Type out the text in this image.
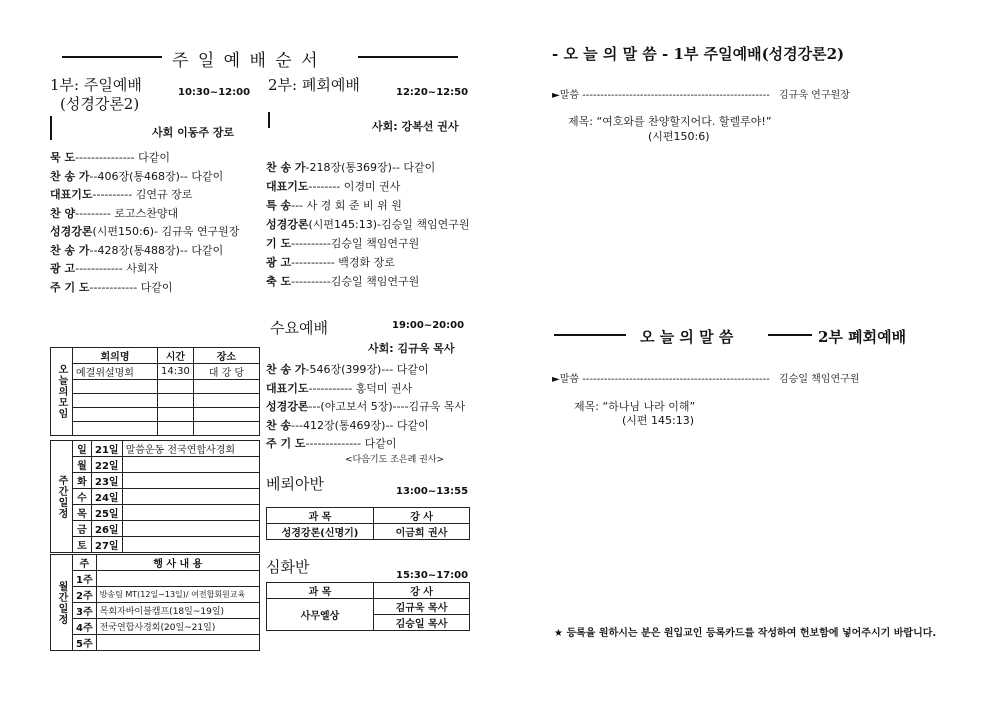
주 일 예 배 순 서
1부: 주일예배
(성경강론2)
10:30~12:00
사회 이동주 장로
묵 도--------------- 다같이
찬 송 가--406장(통468장)-- 다같이
대표기도---------- 김연규 장로
찬 양--------- 로고스찬양대
성경강론(시편150:6)- 김규욱 연구원장
찬 송 가--428장(통488장)-- 다같이
광 고------------ 사회자
주 기 도------------ 다같이
2부: 폐회예배	12:20~12:50
사회: 강복선 권사
찬 송 가-218장(통369장)-- 다같이
대표기도-------- 이경미 권사
특 송--- 사 경 회 준 비 위 원
성경강론(시편145:13)-김승일 책임연구원
기 도----------김승일 책임연구원
광 고----------- 백경화 장로
축 도----------김승일 책임연구원
수요예배	19:00~20:00
사회: 김규욱 목사
찬 송 가-546장(399장)--- 다같이
대표기도----------- 홍덕미 권사
성경강론---(야고보서 5장)----김규욱 목사
찬 송---412장(통469장)-- 다같이
주 기 도-------------- 다같이
<다음기도 조은례 권사>
베뢰아반	13:00~13:55
과 목	강 사
성경강론(신명기)	이금희 권사
심화반	15:30~17:00
과 목	강 사
사무엘상	김규욱 목사
	김승일 목사
오늘의모임	회의명	시간	장소
	예결위설명회	14:30	대 강 당

주간일정	일	21일	말씀운동 전국연합사경회
	월	22일	
	화	23일	
	수	24일	
	목	25일	
	금	26일	
	토	27일	
월간일정	주	행 사 내 용
	1주	
	2주	방송팀 MT(12일~13일)/ 여전합회원교육
	3주	목회자바이블캠프(18일~19일)
	4주	전국연합사경회(20일~21일)
	5주	
- 오 늘 의 말 씀 - 1부 주일예배(성경강론2)
►말씀 ---------------------------------------------------- 김규욱 연구원장
제목: “여호와를 찬양할지어다. 할렐루야!”
(시편150:6)
오 늘 의 말 씀	2부 폐회예배
►말씀 ---------------------------------------------------- 김승일 책임연구원
제목: “하나님 나라 이해”
(시편 145:13)
★ 등록을 원하시는 분은 원입교인 등록카드를 작성하여 헌보함에 넣어주시기 바랍니다.
